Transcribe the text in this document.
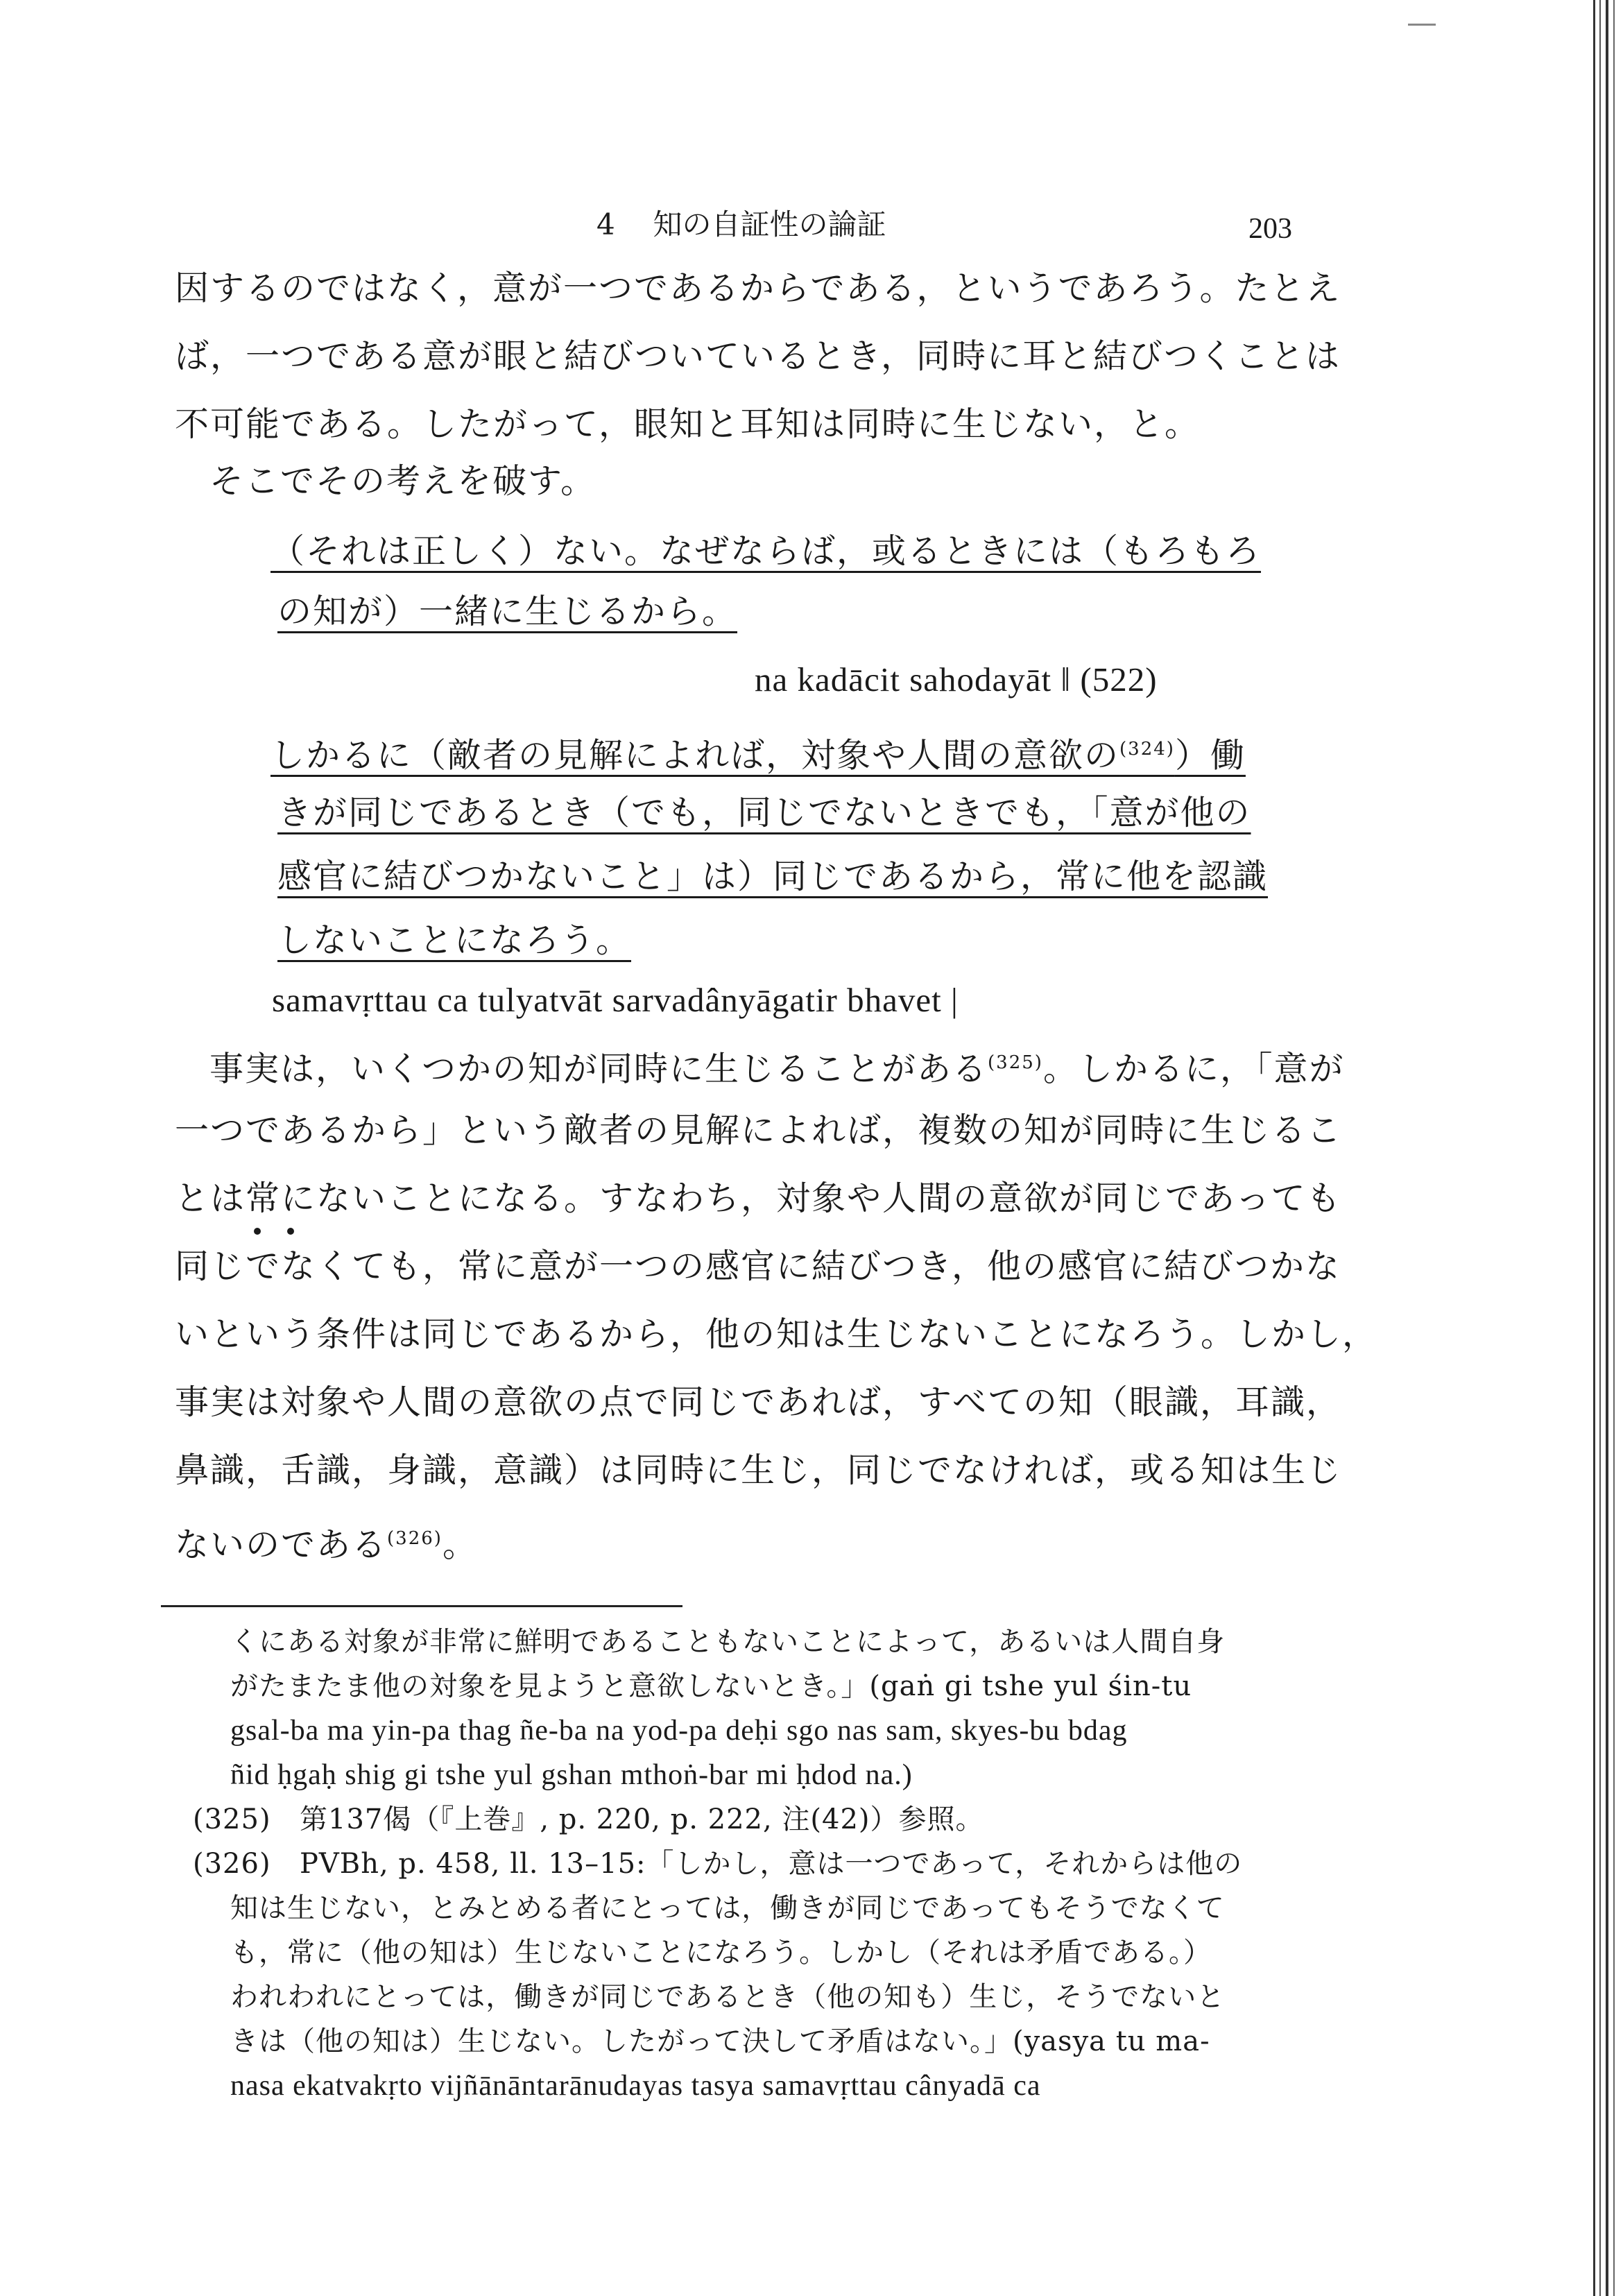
4 知の自証性の論証	203
因するのではなく，意が一つであるからである，というであろう。たとえ
ば，一つである意が眼と結びついているとき，同時に耳と結びつくことは
不可能である。したがって，眼知と耳知は同時に生じない，と。
そこでその考えを破す。
（それは正しく）ない。なぜならば，或るときには（もろもろ
の知が）一緒に生じるから。
na kadācit sahodayāt ‖ (522)
しかるに（敵者の見解によれば，対象や人間の意欲の$^{(324)}$）働
きが同じであるとき（でも，同じでないときでも，「意が他の
感官に結びつかないこと」は）同じであるから，常に他を認識
しないことになろう。
samavṛttau ca tulyatvāt sarvadânyāgatir bhavet |
事実は，いくつかの知が同時に生じることがある$^{(325)}$。しかるに，「意が
一つであるから」という敵者の見解によれば，複数の知が同時に生じるこ
とは常にないことになる。すなわち，対象や人間の意欲が同じであっても
同じでなくても，常に意が一つの感官に結びつき，他の感官に結びつかな
いという条件は同じであるから，他の知は生じないことになろう。しかし，
事実は対象や人間の意欲の点で同じであれば，すべての知（眼識，耳識，
鼻識，舌識，身識，意識）は同時に生じ，同じでなければ，或る知は生じ
ないのである$^{(326)}$。
くにある対象が非常に鮮明であることもないことによって，あるいは人間自身
がたまたま他の対象を見ようと意欲しないとき。」(gaṅ gi tshe yul śin-tu
gsal-ba ma yin-pa thag ñe-ba na yod-pa deḥi sgo nas sam, skyes-bu bdag
ñid ḥgaḥ shig gi tshe yul gshan mthoṅ-bar mi ḥdod na.)
(325) 第137偈（『上巻』, p. 220, p. 222, 注(42)）参照。
(326) PVBh, p. 458, ll. 13–15:「しかし，意は一つであって，それからは他の
知は生じない，とみとめる者にとっては，働きが同じであってもそうでなくて
も，常に（他の知は）生じないことになろう。しかし（それは矛盾である。）
われわれにとっては，働きが同じであるとき（他の知も）生じ，そうでないと
きは（他の知は）生じない。したがって決して矛盾はない。」(yasya tu ma-
nasa ekatvakṛto vijñānāntarānudayas tasya samavṛttau cânyadā ca
